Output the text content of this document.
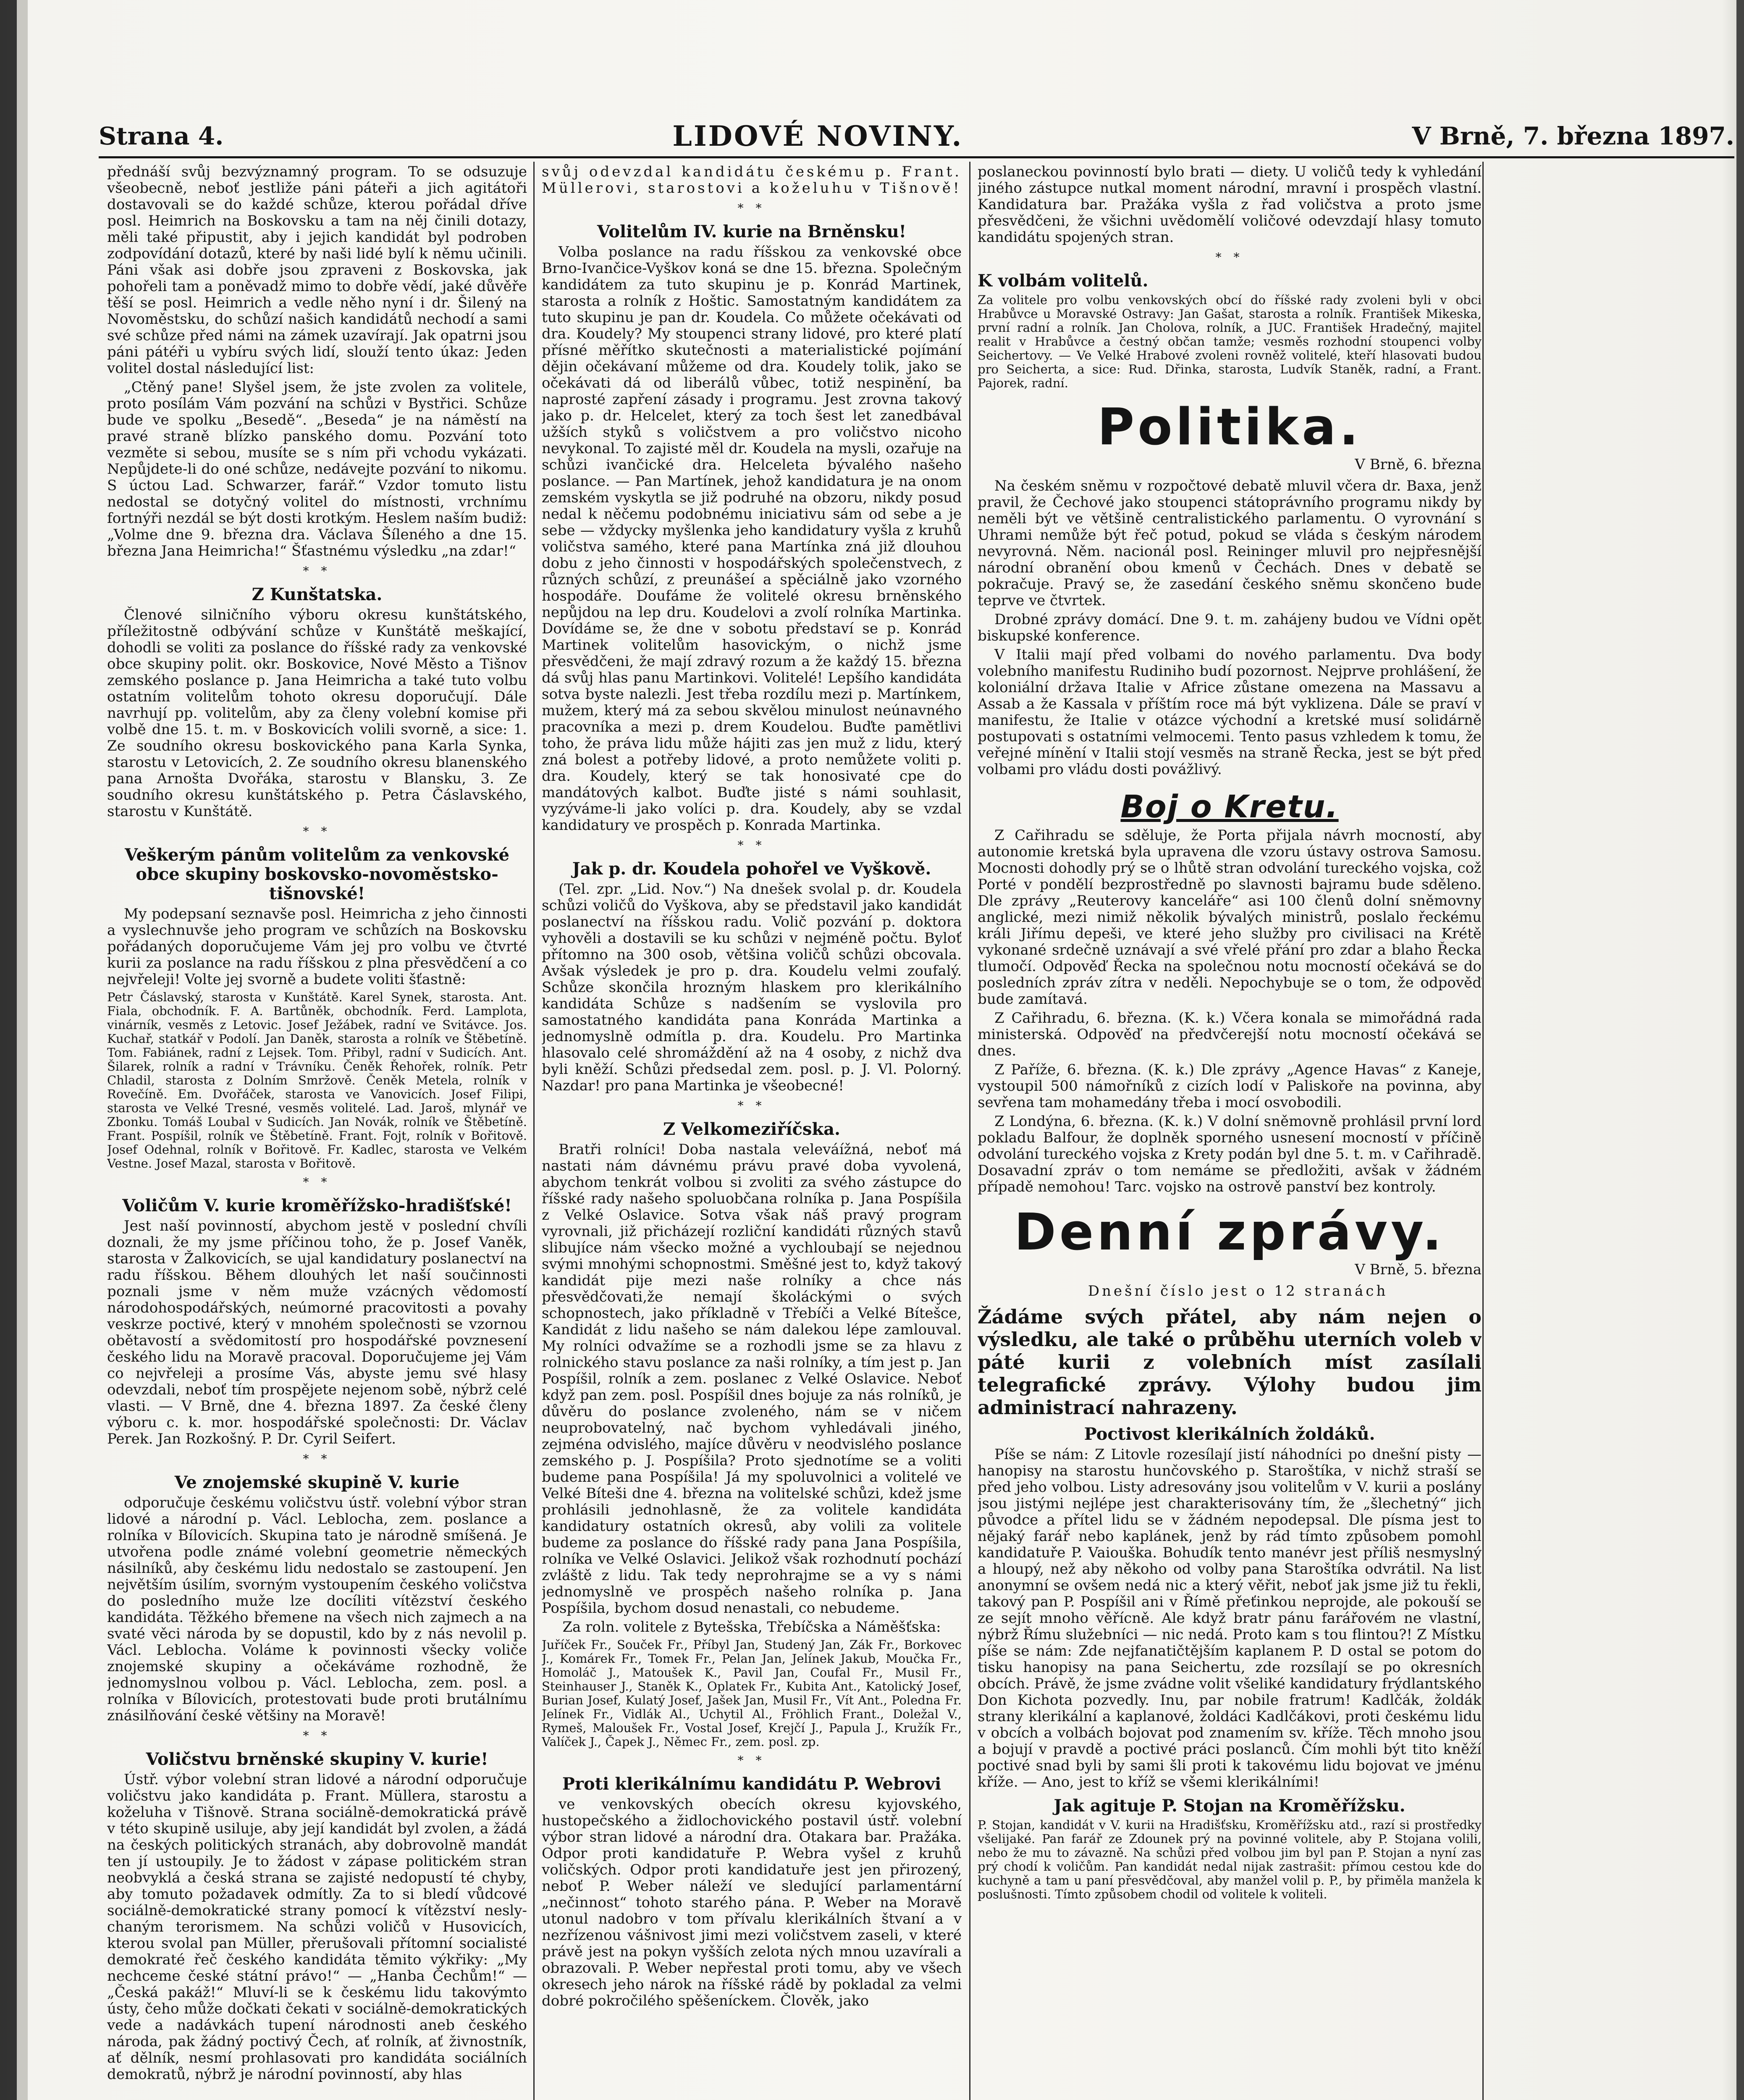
Strana 4.	LIDOVÉ NOVINY.	V Brně, 7. března 1897.

přednáší svůj bezvýznamný program. To se odsuzuje všeobecně, neboť jestliže páni páteři a jich agitátoři dostavovali se do každé schůze, kterou pořádal dříve posl. Heimrich na Boskovsku a tam na něj činili dotazy, měli také připustit, aby i jejich kandidát byl podroben zodpovídání dotazů, které by naši lidé bylí k němu učinili. Páni však asi dobře jsou zpraveni z Boskovska, jak pohořeli tam a poněvadž mimo to dobře vědí, jaké důvěře těší se posl. Heimrich a vedle něho nyní i dr. Šilený na Novoměstsku, do schůzí našich kandidátů nechodí a sami své schůze před námi na zámek uzavírají. Jak opatrni jsou páni pátéři u vybíru svých lidí, slouží tento úkaz: Jeden volitel dostal následující list:

„Ctěný pane! Slyšel jsem, že jste zvolen za volitele, proto posílám Vám pozvání na schůzi v Bystřici. Schůze bude ve spolku „Besedě“. „Beseda“ je na náměstí na pravé straně blízko panského domu. Pozvání toto vezměte si sebou, musíte se s ním při vchodu vykázati. Nepůjdete-li do oné schůze, nedávejte pozvání to nikomu. S úctou Lad. Schwarzer, farář.“ Vzdor tomuto listu nedostal se dotyčný volitel do místnosti, vrchnímu fortnýři nezdál se být dosti krotkým. Heslem naším budiž: „Volme dne 9. března dra. Václava Šíleného a dne 15. března Jana Heimricha!“ Šťastnému výsledku „na zdar!“

* *
Z Kunštatska.

Členové silničního výboru okresu kunštátského, příležitostně odbývání schůze v Kunštátě meškající, dohodli se voliti za poslance do říšské rady za venkovské obce skupiny polit. okr. Boskovice, Nové Město a Tišnov zemského poslance p. Jana Heimricha a také tuto volbu ostatním volitelům tohoto okresu doporučují. Dále navrhují pp. volitelům, aby za členy volební komise při volbě dne 15. t. m. v Boskovicích volili svorně, a sice: 1. Ze soudního okresu boskovického pana Karla Synka, starostu v Letovicích, 2. Ze soudního okresu blanenského pana Arnošta Dvořáka, starostu v Blansku, 3. Ze soudního okresu kunštátského p. Petra Čáslavského, starostu v Kunštátě.

* *
Veškerým pánům volitelům za venkovské obce skupiny boskovsko-novoměstsko-tišnovské!

My podepsaní seznavše posl. Heimricha z jeho činnosti a vyslechnuvše jeho program ve schůzích na Boskovsku pořádaných doporučujeme Vám jej pro volbu ve čtvrté kurii za poslance na radu říšskou z plna přesvědčení a co nejvřeleji! Volte jej svorně a budete voliti šťastně:

Petr Čáslavský, starosta v Kunštátě. Karel Synek, starosta. Ant. Fiala, obchodník. F. A. Bartůněk, obchodník. Ferd. Lamplota, vinárník, vesměs z Letovic. Josef Ježábek, radní ve Svitávce. Jos. Kuchař, statkář v Podolí. Jan Daněk, starosta a rolník ve Štěbetíně. Tom. Fabiánek, radní z Lejsek. Tom. Přibyl, radní v Sudicích. Ant. Šilarek, rolník a radní v Trávníku. Čeněk Řehořek, rolník. Petr Chladil, starosta z Dolním Smržově. Čeněk Metela, rolník v Rovečíně. Em. Dvořáček, starosta ve Vanovicích. Josef Filipi, starosta ve Velké Tresné, vesměs volitelé. Lad. Jaroš, mlynář ve Zbonku. Tomáš Loubal v Sudicích. Jan Novák, rolník ve Štěbetíně. Frant. Pospíšil, rolník ve Štěbetíně. Frant. Fojt, rolník v Bořitově. Josef Odehnal, rolník v Bořitově. Fr. Kadlec, starosta ve Velkém Vestne. Josef Mazal, starosta v Bořitově.

* *
Voličům V. kurie kroměřížsko-hradišťské!

Jest naší povinností, abychom jestě v poslední chvíli doznali, že my jsme příčinou toho, že p. Josef Vaněk, starosta v Žalkovicích, se ujal kandidatury poslanectví na radu říšskou. Během dlouhých let naší součinnosti poznali jsme v něm muže vzácných vědomostí národohospodářských, neúmorné pracovitosti a povahy veskrze poctivé, který v mnohém společnosti se vzornou obětavostí a svědomitostí pro hospodářské povznesení českého lidu na Moravě pracoval. Doporučujeme jej Vám co nejvřeleji a prosíme Vás, abyste jemu své hlasy odevzdali, neboť tím prospějete nejenom sobě, nýbrž celé vlasti. — V Brně, dne 4. března 1897. Za české členy výboru c. k. mor. hospodářské společnosti: Dr. Václav Perek. Jan Rozkošný. P. Dr. Cyril Seifert.

* *
Ve znojemské skupině V. kurie

odporučuje českému voličstvu ústř. volební výbor stran lidové a národní p. Václ. Leblocha, zem. poslance a rolníka v Bílovicích. Skupina tato je národně smíšená. Je utvořena podle známé volební geometrie německých násilníků, aby českému lidu nedostalo se zastoupení. Jen největším úsilím, svorným vystoupením českého voličstva do posledního muže lze docíliti vítězství českého kandidáta. Těžkého břemene na všech nich zajmech a na svaté věci národa by se dopustil, kdo by z nás nevolil p. Václ. Leblocha. Voláme k povinnosti všecky voliče znojemské skupiny a očekáváme rozhodně, že jednomyslnou volbou p. Václ. Leblocha, zem. posl. a rolníka v Bílovicích, protestovati bude proti brutálnímu znásilňování české většiny na Moravě!

* *
Voličstvu brněnské skupiny V. kurie!

Ústř. výbor volební stran lidové a národní odporučuje voličstvu jako kandidáta p. Frant. Müllera, starostu a koželuha v Tišnově. Strana sociálně-demokratická právě v této skupině usiluje, aby její kandidát byl zvolen, a žádá na českých politických stranách, aby dobrovolně mandát ten jí ustoupily. Je to žádost v zápase politickém stran neobvyklá a česká strana se zajisté nedopustí té chyby, aby tomuto požadavek odmítly. Za to si bledí vůdcové sociálně-demokratické strany pomocí k vítězství neslychaným terorismem. Na schůzi voličů v Husovicích, kterou svolal pan Müller, přerušovali přítomní socialisté demokraté řeč českého kandidáta těmito výkřiky: „My nechceme české státní právo!“ — „Hanba Čechům!“ — „Česká pakáž!“ Mluví-li se k českému lidu takovýmto ústy, čeho může dočkati čekati v sociálně-demokratických vede a nadávkách tupení národnosti aneb českého národa, pak žádný poctivý Čech, ať rolník, ať živnostník, ať dělník, nesmí prohlasovati pro kandidáta sociálních demokratů, nýbrž je národní povinností, aby hlas

svůj odevzdal kandidátu českému p. Frant. Müllerovi, starostovi a koželuhu v Tišnově!

* *
Volitelům IV. kurie na Brněnsku!

Volba poslance na radu říšskou za venkovské obce Brno-Ivančice-Vyškov koná se dne 15. března. Společným kandidátem za tuto skupinu je p. Konrád Martinek, starosta a rolník z Hoštic. Samostatným kandidátem za tuto skupinu je pan dr. Koudela. Co můžete očekávati od dra. Koudely? My stoupenci strany lidové, pro které platí přísné měřítko skutečnosti a materialistické pojímání dějin očekávaní můžeme od dra. Koudely tolik, jako se očekávati dá od liberálů vůbec, totiž nespinění, ba naprosté zapření zásady i programu. Jest zrovna takový jako p. dr. Helcelet, který za toch šest let zanedbával užších styků s voličstvem a pro voličstvo nicoho nevykonal. To zajisté měl dr. Koudela na mysli, ozařuje na schůzi ivančické dra. Helceleta bývalého našeho poslance. — Pan Martínek, jehož kandidatura je na onom zemském vyskytla se již podruhé na obzoru, nikdy posud nedal k něčemu podobnému iniciativu sám od sebe a je sebe — vždycky myšlenka jeho kandidatury vyšla z kruhů voličstva samého, které pana Martínka zná již dlouhou dobu z jeho činnosti v hospodářských společenstvech, z různých schůzí, z preunášeí a spěciálně jako vzorného hospodáře. Doufáme že volitelé okresu brněnského nepůjdou na lep dru. Koudelovi a zvolí rolníka Martinka. Dovídáme se, že dne v sobotu představí se p. Konrád Martinek volitelům hasovickým, o nichž jsme přesvědčeni, že mají zdravý rozum a že každý 15. března dá svůj hlas panu Martinkovi. Volitelé! Lepšího kandidáta sotva byste nalezli. Jest třeba rozdílu mezi p. Martínkem, mužem, který má za sebou skvělou minulost neúnavného pracovníka a mezi p. drem Koudelou. Buďte pamětlivi toho, že práva lidu může hájiti zas jen muž z lidu, který zná bolest a potřeby lidové, a proto nemůžete voliti p. dra. Koudely, který se tak honosivaté cpe do mandátových kalbot. Buďte jisté s námi souhlasit, vyzýváme-li jako volíci p. dra. Koudely, aby se vzdal kandidatury ve prospěch p. Konrada Martinka.

* *
Jak p. dr. Koudela pohořel ve Vyškově.

(Tel. zpr. „Lid. Nov.“) Na dnešek svolal p. dr. Koudela schůzi voličů do Vyškova, aby se představil jako kandidát poslanectví na říšskou radu. Volič pozvání p. doktora vyhověli a dostavili se ku schůzi v nejméně počtu. Byloť přítomno na 300 osob, většina voličů schůzi obcovala. Avšak výsledek je pro p. dra. Koudelu velmi zoufalý. Schůze skončila hrozným hlaskem pro klerikálního kandidáta Schůze s nadšením se vyslovila pro samostatného kandidáta pana Konráda Martinka a jednomyslně odmítla p. dra. Koudelu. Pro Martinka hlasovalo celé shromáždění až na 4 osoby, z nichž dva byli kněží. Schůzi předsedal zem. posl. p. J. Vl. Polorný. Nazdar! pro pana Martinka je všeobecné!

* *
Z Velkomeziříčska.

Bratři rolníci! Doba nastala veleváížná, neboť má nastati nám dávnému právu pravé doba vyvolená, abychom tenkrát volbou si zvoliti za svého zástupce do říšské rady našeho spoluobčana rolníka p. Jana Pospíšila z Velké Oslavice. Sotva však náš pravý program vyrovnali, již přicházejí rozliční kandidáti různých stavů slibujíce nám všecko možné a vychloubají se nejednou svými mnohými schopnostmi. Směšné jest to, když takový kandidát pije mezi naše rolníky a chce nás přesvědčovati,že nemají školáckými o svých schopnostech, jako příkladně v Třebíči a Velké Bítešce, Kandidát z lidu našeho se nám dalekou lépe zamlouval. My rolníci odvažíme se a rozhodli jsme se za hlavu z rolnického stavu poslance za naši rolníky, a tím jest p. Jan Pospíšil, rolník a zem. poslanec z Velké Oslavice. Neboť když pan zem. posl. Pospíšil dnes bojuje za nás rolníků, je důvěru do poslance zvoleného, nám se v ničem neuprobovatelný, nač bychom vyhledávali jiného, zejména odvislého, majíce důvěru v neodvislého poslance zemského p. J. Pospíšila? Proto sjednotíme se a voliti budeme pana Pospíšila! Já my spoluvolnici a volitelé ve Velké Bíteši dne 4. března na volitelské schůzi, kdež jsme prohlásili jednohlasně, že za volitele kandidáta kandidatury ostatních okresů, aby volili za volitele budeme za poslance do říšské rady pana Jana Pospíšila, rolníka ve Velké Oslavici. Jelikož však rozhodnutí pochází zvláště z lidu. Tak tedy neprohrajme se a vy s námi jednomyslně ve prospěch našeho rolníka p. Jana Pospíšila, bychom dosud nenastali, co nebudeme.

Za roln. volitele z Bytešska, Třebíčska a Náměšťska:

Juříček Fr., Souček Fr., Příbyl Jan, Studený Jan, Zák Fr., Borkovec J., Komárek Fr., Tomek Fr., Pelan Jan, Jelínek Jakub, Moučka Fr., Homoláč J., Matoušek K., Pavil Jan, Coufal Fr., Musil Fr., Steinhauser J., Staněk K., Oplatek Fr., Kubita Ant., Katolický Josef, Burian Josef, Kulatý Josef, Jašek Jan, Musil Fr., Vít Ant., Poledna Fr. Jelínek Fr., Vidlák Al., Uchytil Al., Fröhlich Frant., Doležal V., Rymeš, Maloušek Fr., Vostal Josef, Krejčí J., Papula J., Kružík Fr., Valíček J., Čapek J., Němec Fr., zem. posl. zp.

* *
Proti klerikálnímu kandidátu P. Webrovi

ve venkovských obecích okresu kyjovského, hustopečského a židlochovického postavil ústř. volební výbor stran lidové a národní dra. Otakara bar. Pražáka. Odpor proti kandidatuře P. Webra vyšel z kruhů voličských. Odpor proti kandidatuře jest jen přirozený, neboť P. Weber náleží ve sledující parlamentární „nečinnost“ tohoto starého pána. P. Weber na Moravě utonul nadobro v tom přívalu klerikálních štvaní a v nezřízenou vášnivost jimi mezi voličstvem zaseli, v které právě jest na pokyn vyšších zelota ných mnou uzavírali a obrazovali. P. Weber nepřestal proti tomu, aby ve všech okresech jeho nárok na říšské rádě by pokladal za velmi dobré pokročilého spěšeníckem. Člověk, jako

poslaneckou povinností bylo brati — diety. U voličů tedy k vyhledání jiného zástupce nutkal moment národní, mravní i prospěch vlastní. Kandidatura bar. Pražáka vyšla z řad voličstva a proto jsme přesvědčeni, že všichni uvědomělí voličové odevzdají hlasy tomuto kandidátu spojených stran.

* *
K volbám volitelů.

Za volitele pro volbu venkovských obcí do říšské rady zvoleni byli v obci Hrabůvce u Moravské Ostravy: Jan Gašat, starosta a rolník. František Mikeska, první radní a rolník. Jan Cholova, rolník, a JUC. František Hradečný, majitel realit v Hrabůvce a čestný občan tamže; vesměs rozhodní stoupenci volby Seichertovy. — Ve Velké Hrabové zvoleni rovněž volitelé, kteří hlasovati budou pro Seicherta, a sice: Rud. Dřinka, starosta, Ludvík Staněk, radní, a Frant. Pajorek, radní.

Politika.
V Brně, 6. března

Na českém sněmu v rozpočtové debatě mluvil včera dr. Baxa, jenž pravil, že Čechové jako stoupenci státoprávního programu nikdy by neměli být ve většině centralistického parlamentu. O vyrovnání s Uhrami nemůže být řeč potud, pokud se vláda s českým národem nevyrovná. Něm. nacionál posl. Reininger mluvil pro nejpřesnější národní obranění obou kmenů v Čechách. Dnes v debatě se pokračuje. Pravý se, že zasedání českého sněmu skončeno bude teprve ve čtvrtek.

Drobné zprávy domácí. Dne 9. t. m. zahájeny budou ve Vídni opět biskupské konference.

V Italii mají před volbami do nového parlamentu. Dva body volebního manifestu Rudiniho budí pozornost. Nejprve prohlášení, že koloniální država Italie v Africe zůstane omezena na Massavu a Assab a že Kassala v příštím roce má být vyklizena. Dále se praví v manifestu, že Italie v otázce východní a kretské musí solidárně postupovati s ostatními velmocemi. Tento pasus vzhledem k tomu, že veřejné mínění v Italii stojí vesměs na straně Řecka, jest se být před volbami pro vládu dosti povážlivý.

Boj o Kretu.

Z Cařihradu se sděluje, že Porta přijala návrh mocností, aby autonomie kretská byla upravena dle vzoru ústavy ostrova Samosu. Mocnosti dohodly prý se o lhůtě stran odvolání tureckého vojska, což Porté v pondělí bezprostředně po slavnosti bajramu bude sděleno. Dle zprávy „Reuterovy kanceláře“ asi 100 členů dolní sněmovny anglické, mezi nimiž několik bývalých ministrů, poslalo řeckému králi Jiřímu depeši, ve které jeho služby pro civilisaci na Krétě vykonané srdečně uznávají a své vřelé přání pro zdar a blaho Řecka tlumočí. Odpověď Řecka na společnou notu mocností očekává se do posledních zpráv zítra v neděli. Nepochybuje se o tom, že odpověď bude zamítavá.

Z Cařihradu, 6. března. (K. k.) Včera konala se mimořádná rada ministerská. Odpověď na předvčerejší notu mocností očekává se dnes.

Z Paříže, 6. března. (K. k.) Dle zprávy „Agence Havas“ z Kaneje, vystoupil 500 námořníků z cizích lodí v Paliskoře na povinna, aby sevřena tam mohamedány třeba i mocí osvobodili.

Z Londýna, 6. března. (K. k.) V dolní sněmovně prohlásil první lord pokladu Balfour, že doplněk sporného usnesení mocností v příčině odvolání tureckého vojska z Krety podán byl dne 5. t. m. v Cařihradě. Dosavadní zpráv o tom nemáme se předložiti, avšak v žádném případě nemohou! Tarc. vojsko na ostrově panství bez kontroly.

Denní zprávy.
V Brně, 5. března

Dnešní číslo jest o 12 stranách

Žádáme svých přátel, aby nám nejen o výsledku, ale také o průběhu uterních voleb v páté kurii z volebních míst zasílali telegrafické zprávy. Výlohy budou jim administrací nahrazeny.

Poctivost klerikálních žoldáků.

Píše se nám: Z Litovle rozesílají jistí náhodníci po dnešní pisty — hanopisy na starostu hunčovského p. Staroštíka, v nichž straší se před jeho volbou. Listy adresovány jsou volitelům v V. kurii a poslány jsou jistými nejlépe jest charakterisovány tím, že „šlechetný“ jich původce a přítel lidu se v žádném nepodepsal. Dle písma jest to nějaký farář nebo kaplánek, jenž by rád tímto způsobem pomohl kandidatuře P. Vaiouška. Bohudík tento manévr jest příliš nesmyslný a hloupý, než aby někoho od volby pana Staroštíka odvrátil. Na list anonymní se ovšem nedá nic a který věřit, neboť jak jsme již tu řekli, takový pan P. Pospíšil ani v Římě přeťinkou neprojde, ale pokouší se ze sejít mnoho věřícně. Ale když bratr pánu farářovém ne vlastní, nýbrž Římu služebníci — nic nedá. Proto kam s tou flintou?! Z Místku píše se nám: Zde nejfanatičtějším kaplanem P. D ostal se potom do tisku hanopisy na pana Seichertu, zde rozsílají se po okresních obcích. Právě, že jsme zvádne volit všeliké kandidatury frýdlantského Don Kichota pozvedly. Inu, par nobile fratrum! Kadlčák, žoldák strany klerikální a kaplanové, žoldáci Kadlčákovi, proti českému lidu v obcích a volbách bojovat pod znamením sv. kříže. Těch mnoho jsou a bojují v pravdě a poctivé práci poslanců. Čím mohli být tito kněží poctivé snad byli by sami šli proti k takovému lidu bojovat ve jménu kříže. — Ano, jest to kříž se všemi klerikálními!

Jak agituje P. Stojan na Kroměřížsku.

P. Stojan, kandidát v V. kurii na Hradišťsku, Kroměřížsku atd., razí si prostředky všelijaké. Pan farář ze Zdounek prý na povinné volitele, aby P. Stojana volili, nebo že mu to závazně. Na schůzi před volbou jim byl pan P. Stojan a nyní zas prý chodí k voličům. Pan kandidát nedal nijak zastrašit: přímou cestou kde do kuchyně a tam u paní přesvědčoval, aby manžel volil p. P., by přiměla manžela k poslušnosti. Tímto způsobem chodil od volitele k voliteli.
